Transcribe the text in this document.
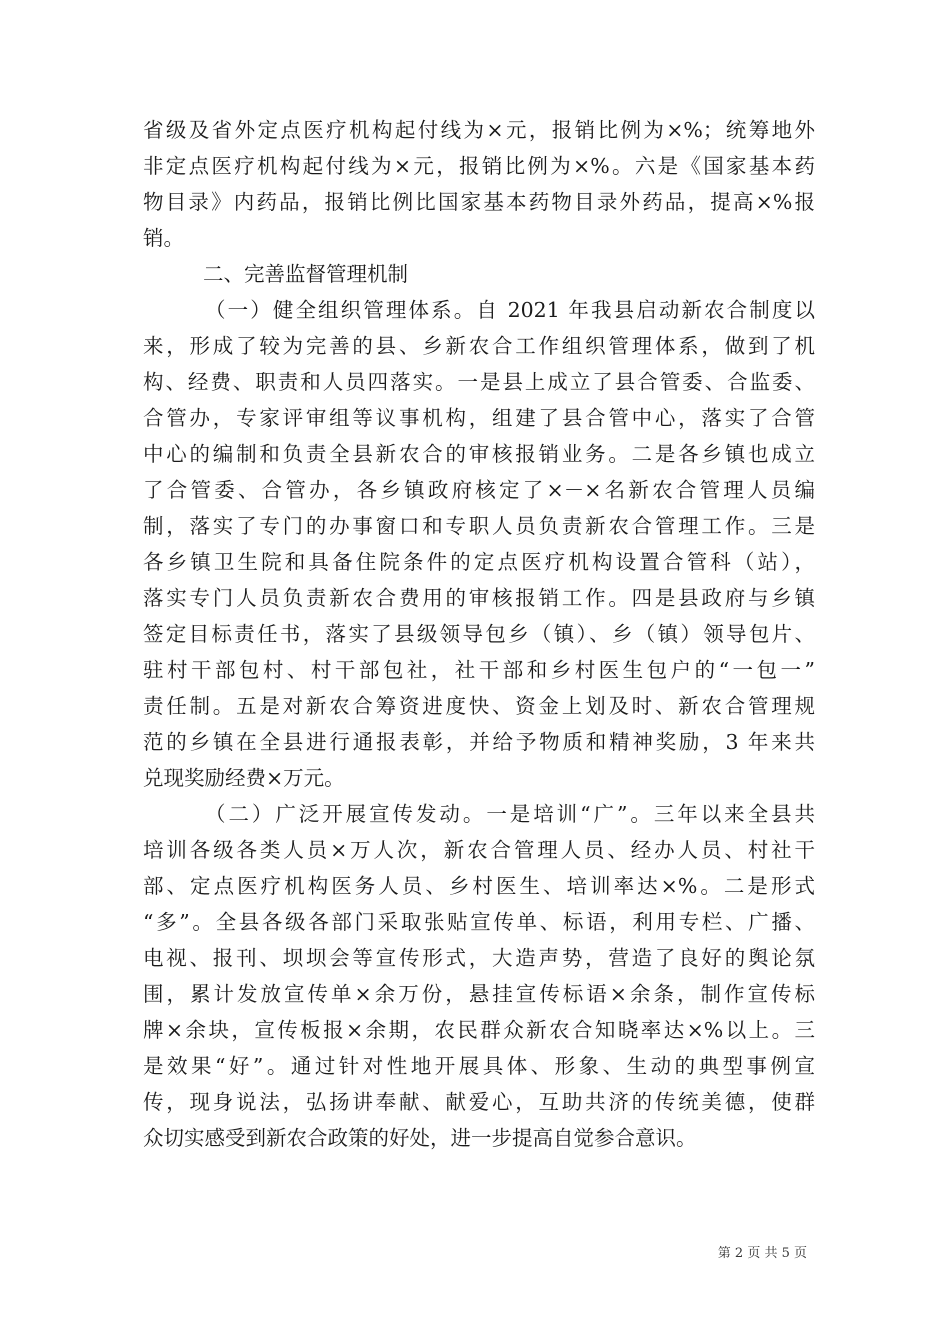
省级及省外定点医疗机构起付线为×元，报销比例为×%；统筹地外
非定点医疗机构起付线为×元，报销比例为×%。六是《国家基本药
物目录》内药品，报销比例比国家基本药物目录外药品，提高×%报
销。
二、完善监督管理机制
（一）健全组织管理体系。自 2021 年我县启动新农合制度以
来，形成了较为完善的县、乡新农合工作组织管理体系，做到了机
构、经费、职责和人员四落实。一是县上成立了县合管委、合监委、
合管办，专家评审组等议事机构，组建了县合管中心，落实了合管
中心的编制和负责全县新农合的审核报销业务。二是各乡镇也成立
了合管委、合管办，各乡镇政府核定了×－×名新农合管理人员编
制，落实了专门的办事窗口和专职人员负责新农合管理工作。三是
各乡镇卫生院和具备住院条件的定点医疗机构设置合管科（站），
落实专门人员负责新农合费用的审核报销工作。四是县政府与乡镇
签定目标责任书，落实了县级领导包乡（镇）、乡（镇）领导包片、
驻村干部包村、村干部包社，社干部和乡村医生包户的“一包一”
责任制。五是对新农合筹资进度快、资金上划及时、新农合管理规
范的乡镇在全县进行通报表彰，并给予物质和精神奖励，3 年来共
兑现奖励经费×万元。
（二）广泛开展宣传发动。一是培训“广”。三年以来全县共
培训各级各类人员×万人次，新农合管理人员、经办人员、村社干
部、定点医疗机构医务人员、乡村医生、培训率达×%。二是形式
“多”。全县各级各部门采取张贴宣传单、标语，利用专栏、广播、
电视、报刊、坝坝会等宣传形式，大造声势，营造了良好的舆论氛
围，累计发放宣传单×余万份，悬挂宣传标语×余条，制作宣传标
牌×余块，宣传板报×余期，农民群众新农合知晓率达×%以上。三
是效果“好”。通过针对性地开展具体、形象、生动的典型事例宣
传，现身说法，弘扬讲奉献、献爱心，互助共济的传统美德，使群
众切实感受到新农合政策的好处，进一步提高自觉参合意识。
第 2 页 共 5 页
